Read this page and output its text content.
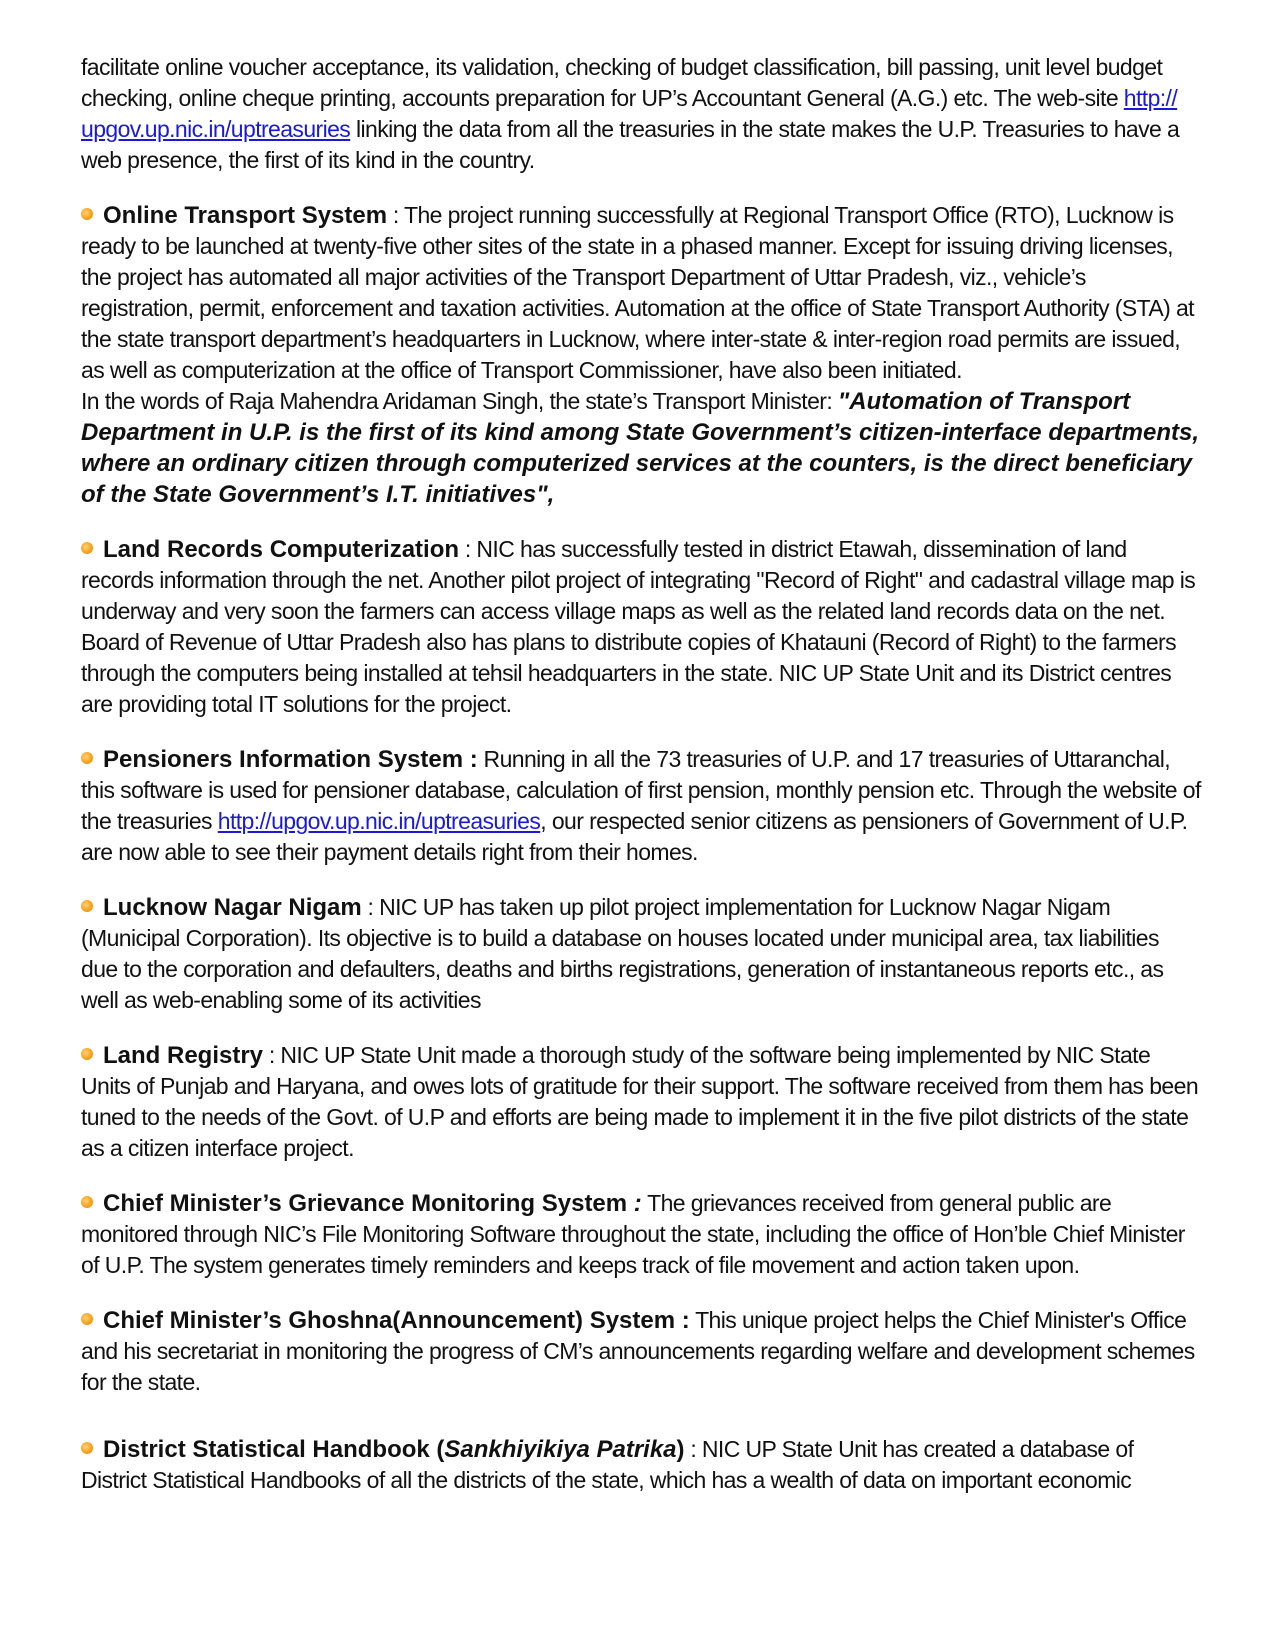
facilitate online voucher acceptance, its validation, checking of budget classification, bill passing, unit level budget checking, online cheque printing, accounts preparation for UP’s Accountant General (A.G.) etc. The web-site http:// upgov.up.nic.in/uptreasuries linking the data from all the treasuries in the state makes the U.P. Treasuries to have a web presence, the first of its kind in the country.

Online Transport System : The project running successfully at Regional Transport Office (RTO), Lucknow is ready to be launched at twenty-five other sites of the state in a phased manner. Except for issuing driving licenses, the project has automated all major activities of the Transport Department of Uttar Pradesh, viz., vehicle’s registration, permit, enforcement and taxation activities. Automation at the office of State Transport Authority (STA) at the state transport department’s headquarters in Lucknow, where inter-state & inter-region road permits are issued, as well as computerization at the office of Transport Commissioner, have also been initiated.

In the words of Raja Mahendra Aridaman Singh, the state’s Transport Minister: "Automation of Transport Department in U.P. is the first of its kind among State Government’s citizen-interface departments, where an ordinary citizen through computerized services at the counters, is the direct beneficiary of the State Government’s I.T. initiatives",

Land Records Computerization : NIC has successfully tested in district Etawah, dissemination of land records information through the net. Another pilot project of integrating "Record of Right" and cadastral village map is underway and very soon the farmers can access village maps as well as the related land records data on the net. Board of Revenue of Uttar Pradesh also has plans to distribute copies of Khatauni (Record of Right) to the farmers through the computers being installed at tehsil headquarters in the state. NIC UP State Unit and its District centres are providing total IT solutions for the project.

Pensioners Information System : Running in all the 73 treasuries of U.P. and 17 treasuries of Uttaranchal, this software is used for pensioner database, calculation of first pension, monthly pension etc. Through the website of the treasuries http://upgov.up.nic.in/uptreasuries, our respected senior citizens as pensioners of Government of U.P. are now able to see their payment details right from their homes.

Lucknow Nagar Nigam : NIC UP has taken up pilot project implementation for Lucknow Nagar Nigam (Municipal Corporation). Its objective is to build a database on houses located under municipal area, tax liabilities due to the corporation and defaulters, deaths and births registrations, generation of instantaneous reports etc., as well as web-enabling some of its activities

Land Registry : NIC UP State Unit made a thorough study of the software being implemented by NIC State Units of Punjab and Haryana, and owes lots of gratitude for their support. The software received from them has been tuned to the needs of the Govt. of U.P and efforts are being made to implement it in the five pilot districts of the state as a citizen interface project.

Chief Minister’s Grievance Monitoring System : The grievances received from general public are monitored through NIC’s File Monitoring Software throughout the state, including the office of Hon’ble Chief Minister of U.P. The system generates timely reminders and keeps track of file movement and action taken upon.

Chief Minister’s Ghoshna(Announcement) System : This unique project helps the Chief Minister's Office and his secretariat in monitoring the progress of CM’s announcements regarding welfare and development schemes for the state.

District Statistical Handbook (Sankhiyikiya Patrika) : NIC UP State Unit has created a database of District Statistical Handbooks of all the districts of the state, which has a wealth of data on important economic
